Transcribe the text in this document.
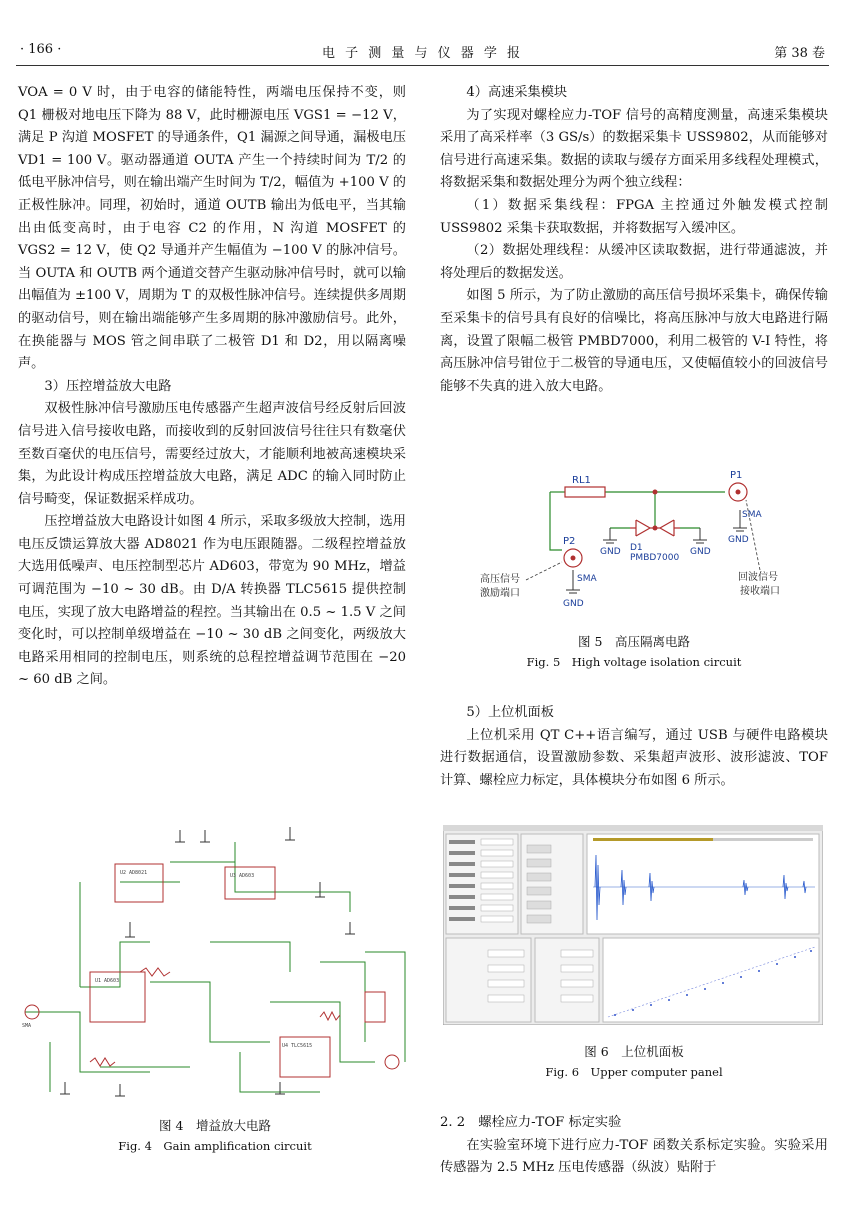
· 166 ·	电 子 测 量 与 仪 器 学 报	第 38 卷

VOA = 0 V 时，由于电容的储能特性，两端电压保持不变，则 Q1 栅极对地电压下降为 88 V，此时栅源电压 VGS1 = −12 V，满足 P 沟道 MOSFET 的导通条件，Q1 漏源之间导通，漏极电压 VD1 = 100 V。驱动器通道 OUTA 产生一个持续时间为 T/2 的低电平脉冲信号，则在输出端产生时间为 T/2，幅值为 +100 V 的正极性脉冲。同理，初始时，通道 OUTB 输出为低电平，当其输出由低变高时，由于电容 C2 的作用，N 沟道 MOSFET 的 VGS2 = 12 V，使 Q2 导通并产生幅值为 −100 V 的脉冲信号。当 OUTA 和 OUTB 两个通道交替产生驱动脉冲信号时，就可以输出幅值为 ±100 V，周期为 T 的双极性脉冲信号。连续提供多周期的驱动信号，则在输出端能够产生多周期的脉冲激励信号。此外，在换能器与 MOS 管之间串联了二极管 D1 和 D2，用以隔离噪声。

3）压控增益放大电路

双极性脉冲信号激励压电传感器产生超声波信号经反射后回波信号进入信号接收电路，而接收到的反射回波信号往往只有数毫伏至数百毫伏的电压信号，需要经过放大，才能顺利地被高速模块采集，为此设计构成压控增益放大电路，满足 ADC 的输入同时防止信号畸变，保证数据采样成功。

压控增益放大电路设计如图 4 所示，采取多级放大控制，选用电压反馈运算放大器 AD8021 作为电压跟随器。二级程控增益放大选用低噪声、电压控制型芯片 AD603，带宽为 90 MHz，增益可调范围为 −10 ~ 30 dB。由 D/A 转换器 TLC5615 提供控制电压，实现了放大电路增益的程控。当其输出在 0.5 ~ 1.5 V 之间变化时，可以控制单级增益在 −10 ~ 30 dB 之间变化，两级放大电路采用相同的控制电压，则系统的总程控增益调节范围在 −20 ~ 60 dB 之间。

U2 AD8021	U3 AD603
U1 AD603
U4 TLC5615
SMA
图 4　增益放大电路
Fig. 4　Gain amplification circuit
4）高速采集模块

为了实现对螺栓应力-TOF 信号的高精度测量，高速采集模块采用了高采样率（3 GS/s）的数据采集卡 USS9802，从而能够对信号进行高速采集。数据的读取与缓存方面采用多线程处理模式，将数据采集和数据处理分为两个独立线程：

（1）数据采集线程：FPGA 主控通过外触发模式控制 USS9802 采集卡获取数据，并将数据写入缓冲区。

（2）数据处理线程：从缓冲区读取数据，进行带通滤波，并将处理后的数据发送。

如图 5 所示，为了防止激励的高压信号损坏采集卡，确保传输至采集卡的信号具有良好的信噪比，将高压脉冲与放大电路进行隔离，设置了限幅二极管 PMBD7000，利用二极管的 V-I 特性，将高压脉冲信号钳位于二极管的导通电压，又使幅值较小的回波信号能够不失真的进入放大电路。

RL1
GND	GND
GND
GND
D1
PMBD7000
P1
SMA
P2
SMA
高压信号
激励端口
回波信号
接收端口
图 5　高压隔离电路
Fig. 5　High voltage isolation circuit
5）上位机面板

上位机采用 QT C++语言编写，通过 USB 与硬件电路模块进行数据通信，设置激励参数、采集超声波形、波形滤波、TOF 计算、螺栓应力标定，具体模块分布如图 6 所示。

图 6　上位机面板
Fig. 6　Upper computer panel
2. 2　螺栓应力-TOF 标定实验

在实验室环境下进行应力-TOF 函数关系标定实验。实验采用传感器为 2.5 MHz 压电传感器（纵波）贴附于
